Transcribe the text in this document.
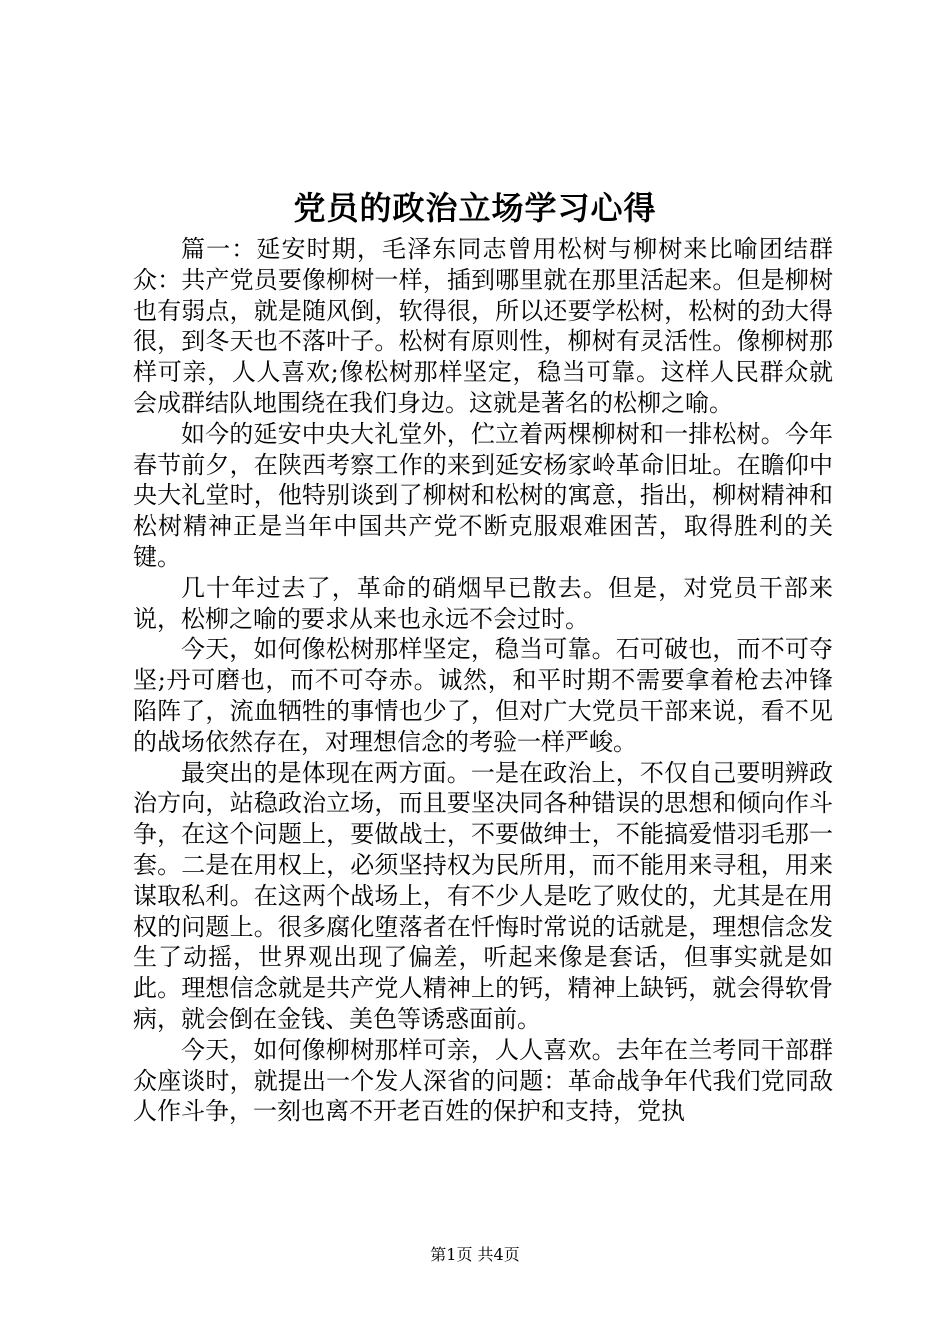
党员的政治立场学习心得

篇一：延安时期，毛泽东同志曾用松树与柳树来比喻团结群众：共产党员要像柳树一样，插到哪里就在那里活起来。但是柳树也有弱点，就是随风倒，软得很，所以还要学松树，松树的劲大得很，到冬天也不落叶子。松树有原则性，柳树有灵活性。像柳树那样可亲，人人喜欢;像松树那样坚定，稳当可靠。这样人民群众就会成群结队地围绕在我们身边。这就是著名的松柳之喻。

如今的延安中央大礼堂外，伫立着两棵柳树和一排松树。今年春节前夕，在陕西考察工作的来到延安杨家岭革命旧址。在瞻仰中央大礼堂时，他特别谈到了柳树和松树的寓意，指出，柳树精神和松树精神正是当年中国共产党不断克服艰难困苦，取得胜利的关键。

几十年过去了，革命的硝烟早已散去。但是，对党员干部来说，松柳之喻的要求从来也永远不会过时。

今天，如何像松树那样坚定，稳当可靠。石可破也，而不可夺坚;丹可磨也，而不可夺赤。诚然，和平时期不需要拿着枪去冲锋陷阵了，流血牺牲的事情也少了，但对广大党员干部来说，看不见的战场依然存在，对理想信念的考验一样严峻。

最突出的是体现在两方面。一是在政治上，不仅自己要明辨政治方向，站稳政治立场，而且要坚决同各种错误的思想和倾向作斗争，在这个问题上，要做战士，不要做绅士，不能搞爱惜羽毛那一套。二是在用权上，必须坚持权为民所用，而不能用来寻租，用来谋取私利。在这两个战场上，有不少人是吃了败仗的，尤其是在用权的问题上。很多腐化堕落者在忏悔时常说的话就是，理想信念发生了动摇，世界观出现了偏差，听起来像是套话，但事实就是如此。理想信念就是共产党人精神上的钙，精神上缺钙，就会得软骨病，就会倒在金钱、美色等诱惑面前。

今天，如何像柳树那样可亲，人人喜欢。去年在兰考同干部群众座谈时，就提出一个发人深省的问题：革命战争年代我们党同敌人作斗争，一刻也离不开老百姓的保护和支持，党执

第1页 共4页
